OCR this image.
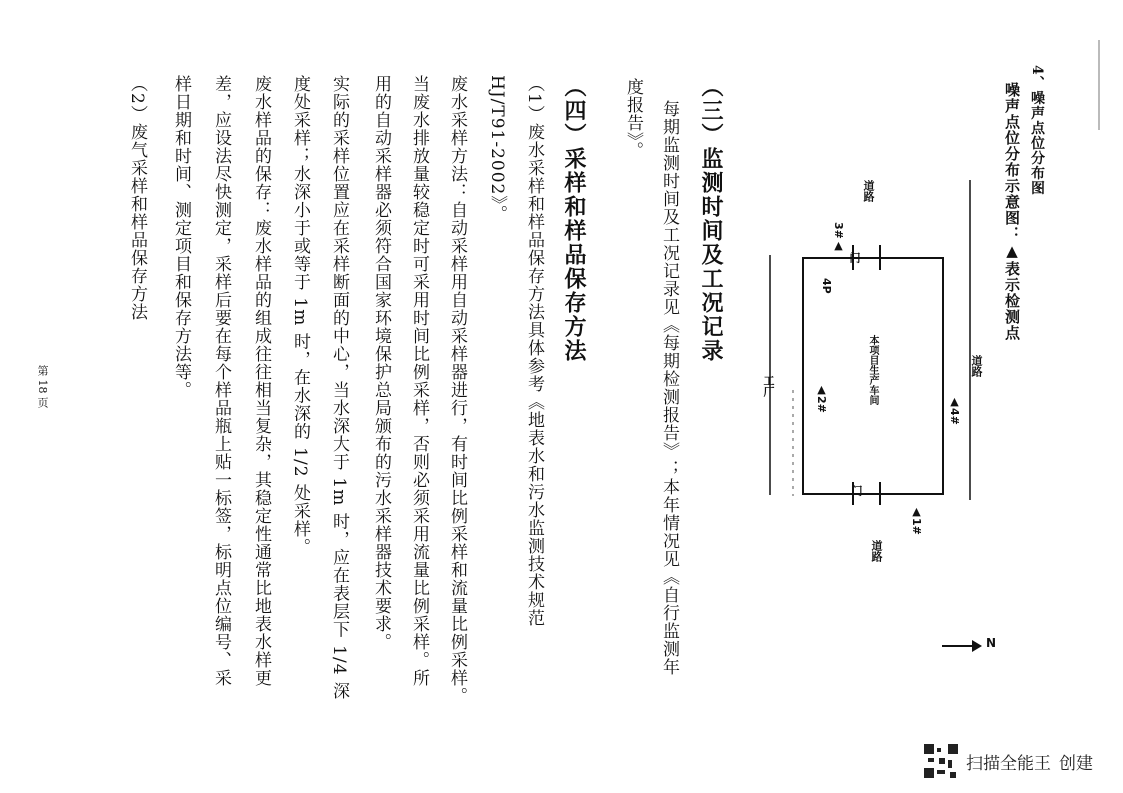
4、噪声点位分布图
噪声点位分布示意图：▲表示检测点
道路
道路
道路
本项目生产车间
工厂
▲1#
▲2#
3#▲
▲4#
门
门
4P
N
（三）监测时间及工况记录
每期监测时间及工况记录见《每期检测报告》；本年情况见《自行监测年
度报告》。
（四）采样和样品保存方法
（1）废水采样和样品保存方法具体参考《地表水和污水监测技术规范
HJ/T91-2002》。
废水采样方法：自动采样用自动采样器进行，有时间比例采样和流量比例采样。
当废水排放量较稳定时可采用时间比例采样，否则必须采用流量比例采样。所
用的自动采样器必须符合国家环境保护总局颁布的污水采样器技术要求。
实际的采样位置应在采样断面的中心，当水深大于 1m 时，应在表层下 1/4 深
度处采样；水深小于或等于 1m 时，在水深的 1/2 处采样。
废水样品的保存：废水样品的组成往往相当复杂，其稳定性通常比地表水样更
差，应设法尽快测定，采样后要在每个样品瓶上贴一标签，标明点位编号、采
样日期和时间、测定项目和保存方法等。
（2）废气采样和样品保存方法
第 18 页
扫描全能王 创建
